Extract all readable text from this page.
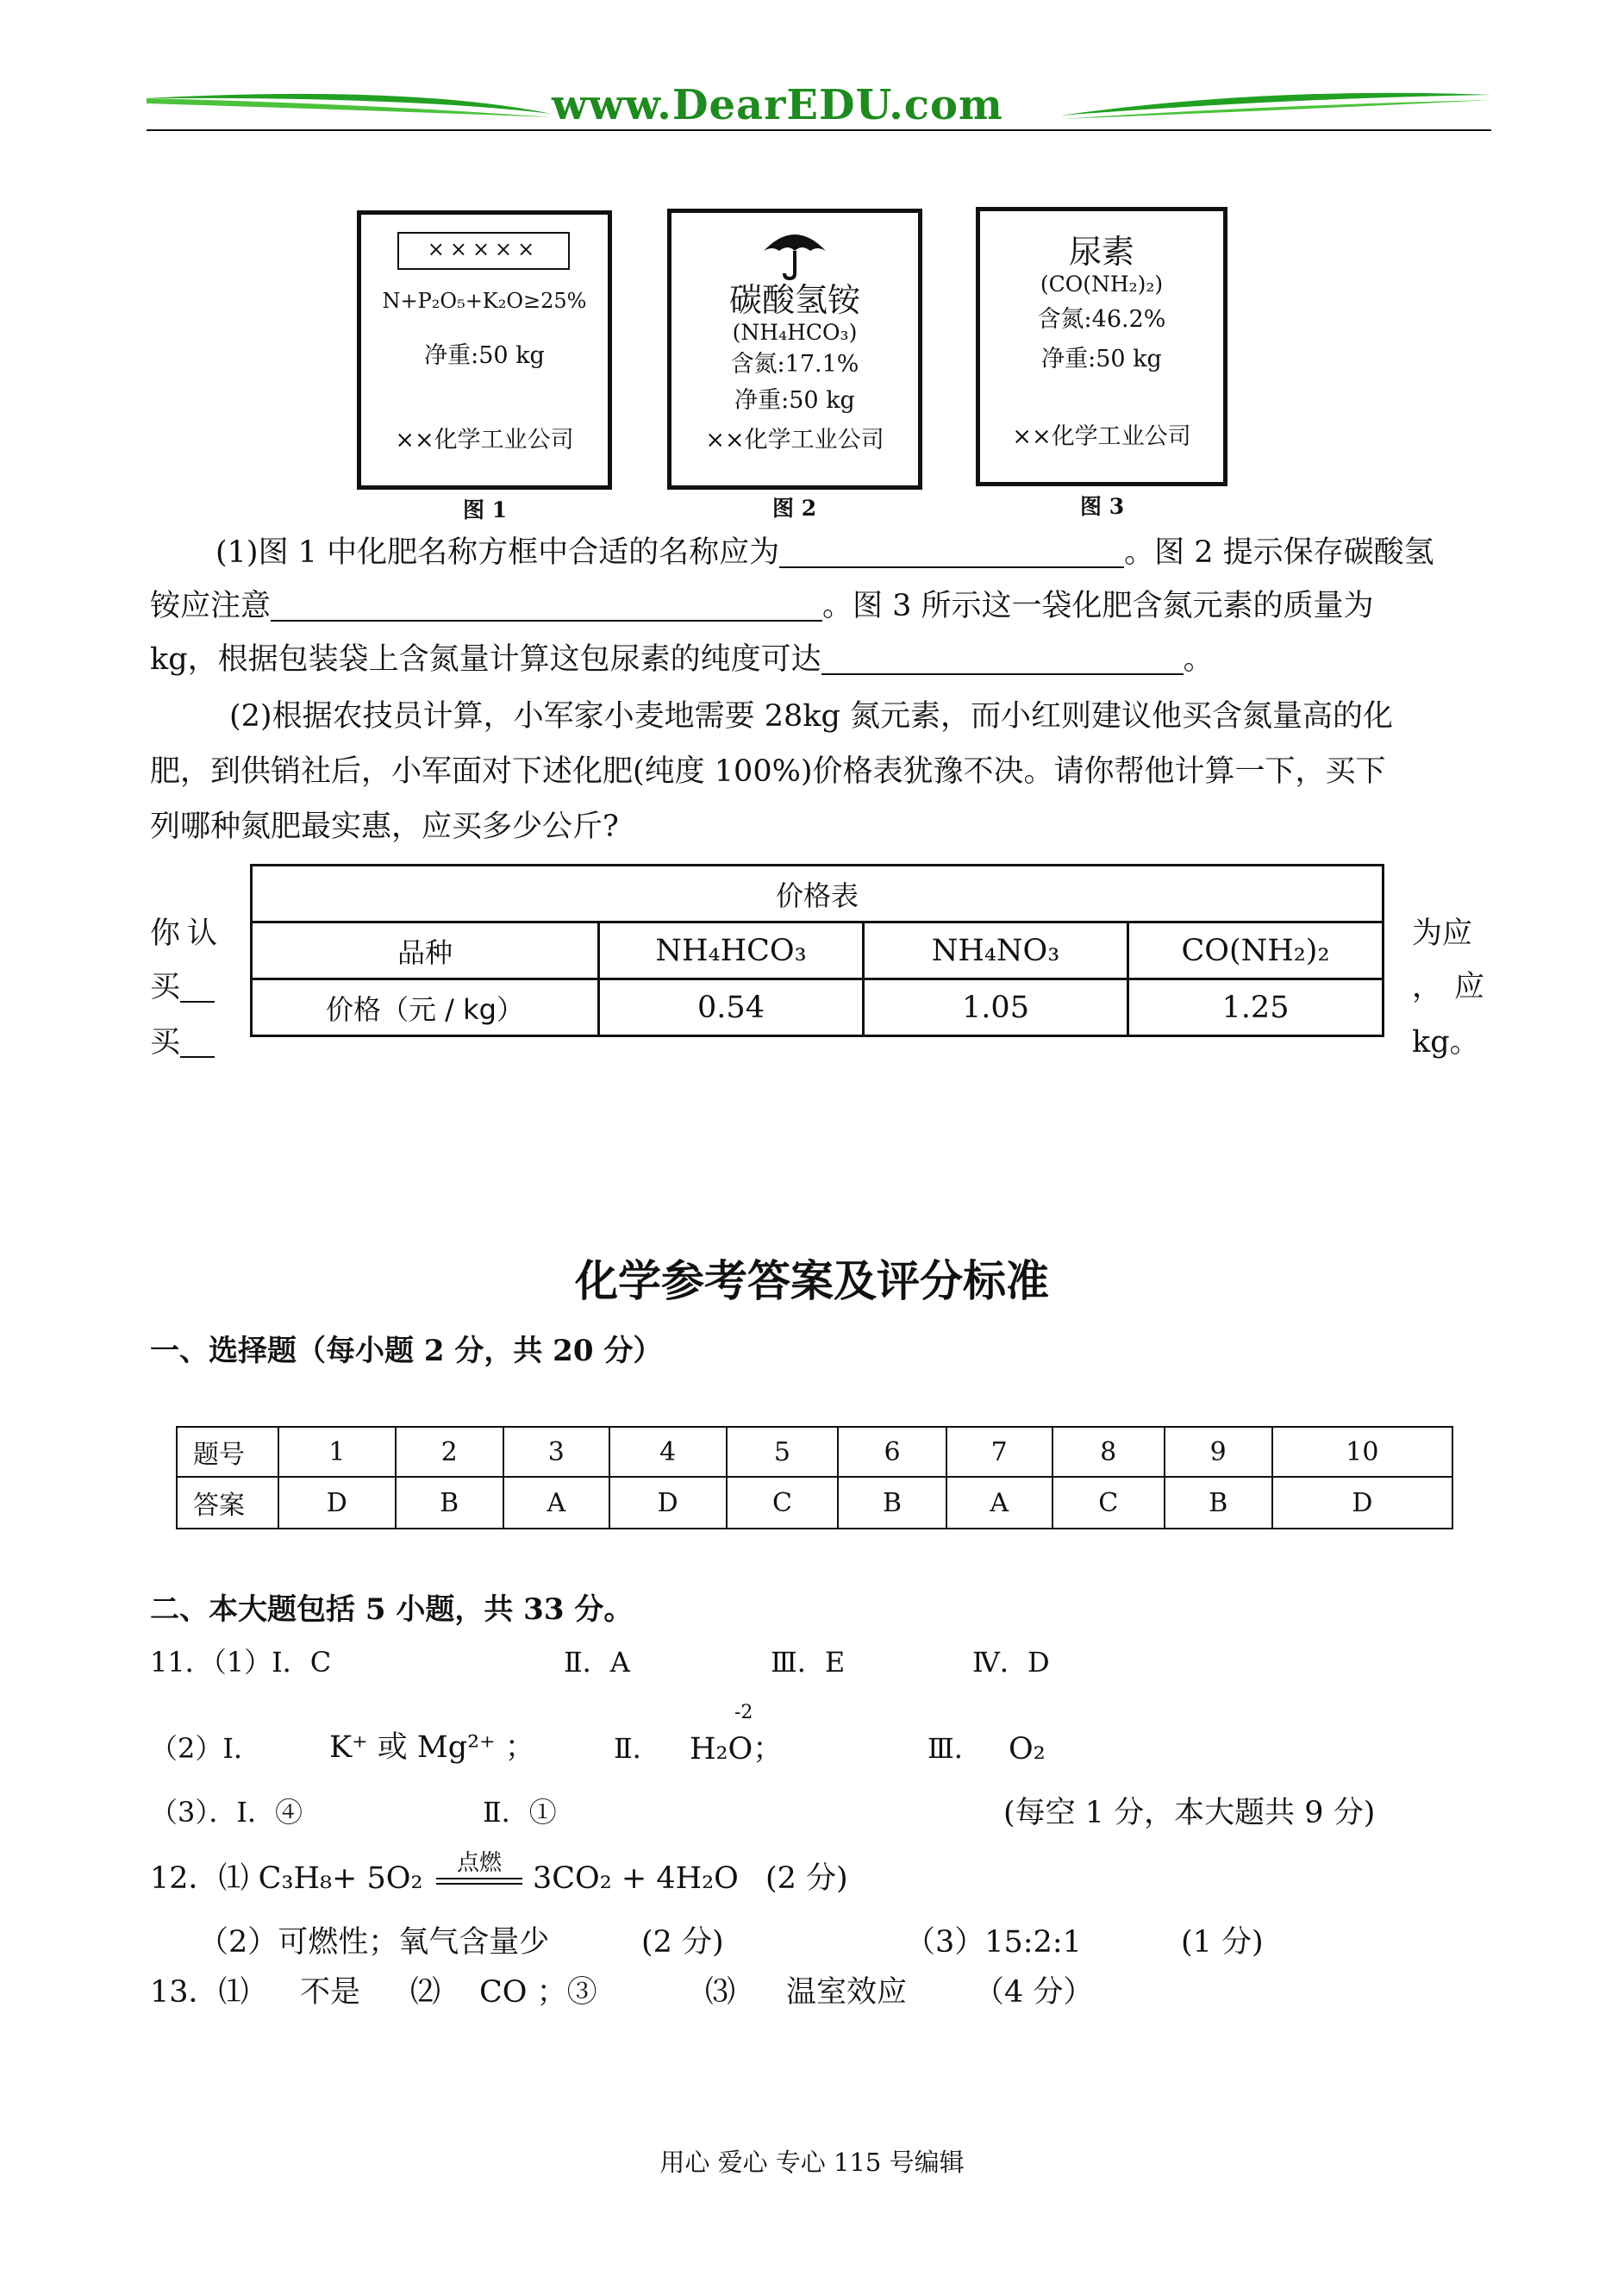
www.DearEDU.com
×××××
N+P₂O₅+K₂O≥25%
净重:50 kg
××化学工业公司
图 1
碳酸氢铵
(NH₄HCO₃)
含氮:17.1%
净重:50 kg
××化学工业公司
图 2
尿素
(CO(NH₂)₂)
含氮:46.2%
净重:50 kg
××化学工业公司
图 3
(1)图 1 中化肥名称方框中合适的名称应为	。图 2 提示保存碳酸氢
铵应注意	。图 3 所示这一袋化肥含氮元素的质量为
kg，根据包装袋上含氮量计算这包尿素的纯度可达	。
(2)根据农技员计算，小军家小麦地需要 28kg 氮元素，而小红则建议他买含氮量高的化
肥，到供销社后，小军面对下述化肥(纯度 100%)价格表犹豫不决。请你帮他计算一下，买下
列哪种氮肥最实惠，应买多少公斤?
你认
买
买
为应
，应
kg。
价格表			
品种	NH₄HCO₃	NH₄NO₃	CO(NH₂)₂
价格（元 / kg）	0.54	1.05	1.25
化学参考答案及评分标准
一、选择题（每小题 2 分，共 20 分）
题号	1	2	3	4	5	6	7	8	9	10
答案	D	B	A	D	C	B	A	C	B	D
二、本大题包括 5 小题，共 33 分。
11．（1）Ⅰ．C	Ⅱ．A	Ⅲ．E	Ⅳ．D
（2）Ⅰ． K⁺ 或 Mg²⁺ ；	Ⅱ．
-2
H₂O；	Ⅲ． O₂
（3）．Ⅰ．④	Ⅱ．①	(每空 1 分，本大题共 9 分)
12．⑴ C₃H₈+ 5O₂	点燃	3CO₂ + 4H₂O (2 分)
（2）可燃性；氧气含量少	(2 分)	（3）15:2:1	(1 分)
13．⑴ 不是 ⑵ CO ；③	⑶ 温室效应 （4 分）
用心 爱心 专心 115 号编辑
